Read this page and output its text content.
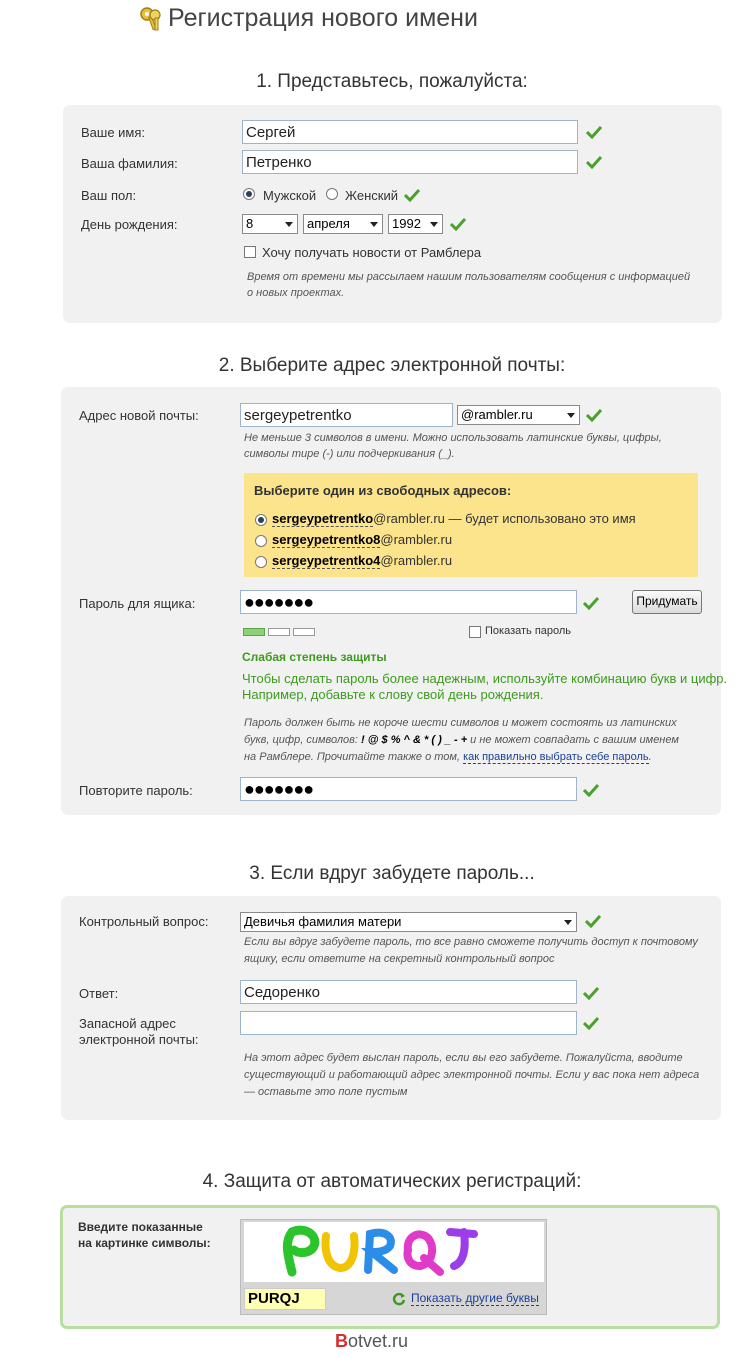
Регистрация нового имени
1. Представьтесь, пожалуйста:
Ваше имя:	Сергей
Ваша фамилия:	Петренко
Ваш пол:	Мужской Женский
День рождения:	8	апреля	1992
Хочу получать новости от Рамблера
Время от времени мы рассылаем нашим пользователям сообщения с информацией
о новых проектах.
2. Выберите адрес электронной почты:
Адрес новой почты:	sergeypetrentko	@rambler.ru
Не меньше 3 символов в имени. Можно использовать латинские буквы, цифры,
символы тире (-) или подчеркивания (_).
Выберите один из свободных адресов:
sergeypetrentko@rambler.ru — будет использовано это имя
sergeypetrentko8@rambler.ru
sergeypetrentko4@rambler.ru
Пароль для ящика:	●●●●●●●	Придумать
Показать пароль
Слабая степень защиты
Чтобы сделать пароль более надежным, используйте комбинацию букв и цифр.
Например, добавьте к слову свой день рождения.
Пароль должен быть не короче шести символов и может состоять из латинских
букв, цифр, символов: ! @ $ % ^ & * ( ) _ - + и не может совпадать с вашим именем
на Рамблере. Прочитайте также о том, как правильно выбрать себе пароль.
Повторите пароль:	●●●●●●●
3. Если вдруг забудете пароль...
Контрольный вопрос:	Девичья фамилия матери
Если вы вдруг забудете пароль, то все равно сможете получить доступ к почтовому
ящику, если ответите на секретный контрольный вопрос
Ответ:	Седоренко
Запасной адрес
электронной почты:
На этот адрес будет выслан пароль, если вы его забудете. Пожалуйста, вводите
существующий и работающий адрес электронной почты. Если у вас пока нет адреса
— оставьте это поле пустым
4. Защита от автоматических регистраций:
Введите показанные
на картинке символы:
PURQJ	Показать другие буквы
Botvet.ru
